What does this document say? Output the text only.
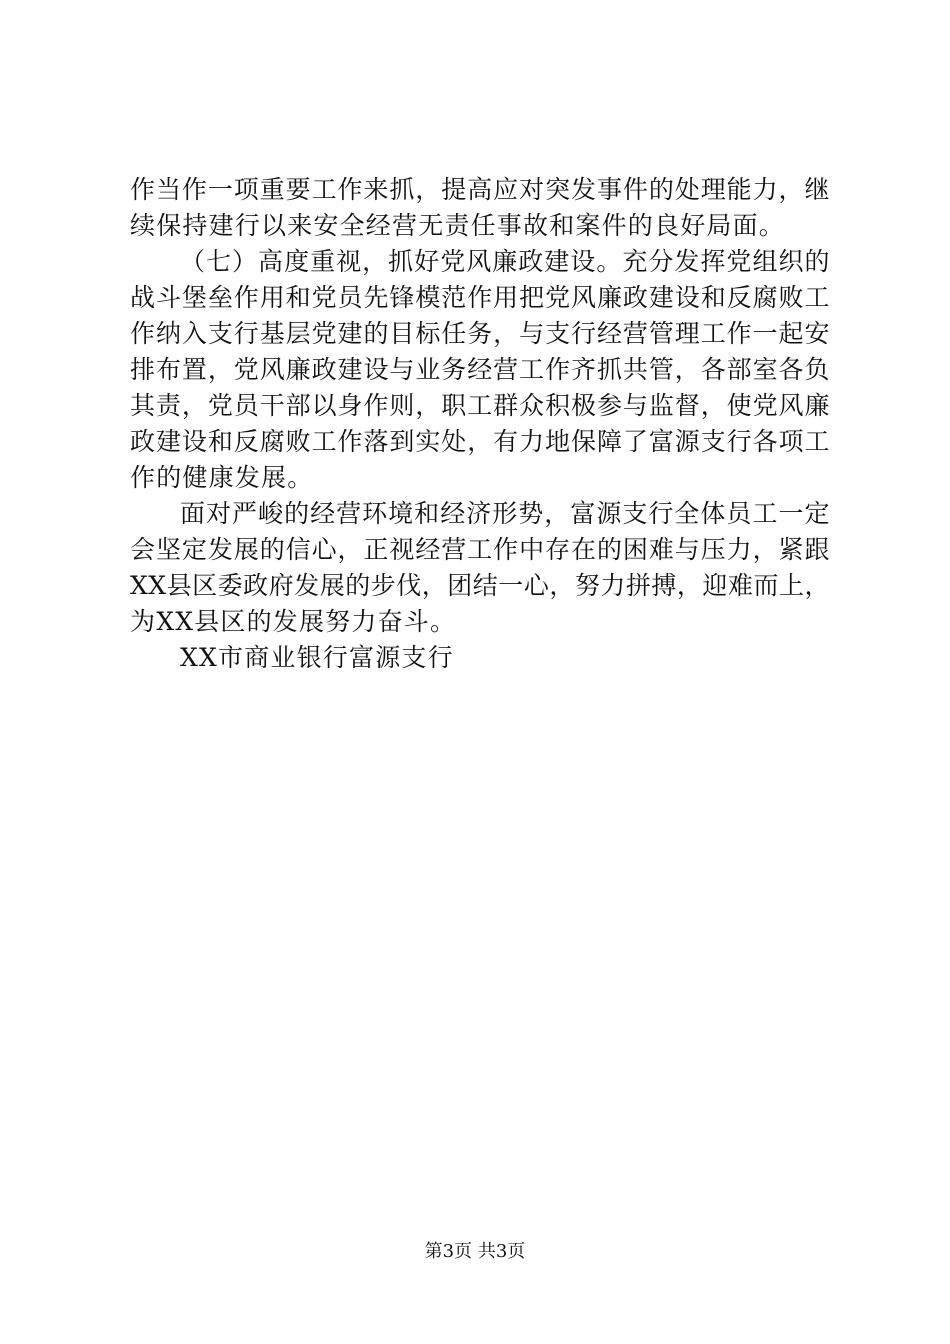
作当作一项重要工作来抓，提高应对突发事件的处理能力，继
续保持建行以来安全经营无责任事故和案件的良好局面。
（七）高度重视，抓好党风廉政建设。充分发挥党组织的
战斗堡垒作用和党员先锋模范作用把党风廉政建设和反腐败工
作纳入支行基层党建的目标任务，与支行经营管理工作一起安
排布置，党风廉政建设与业务经营工作齐抓共管，各部室各负
其责，党员干部以身作则，职工群众积极参与监督，使党风廉
政建设和反腐败工作落到实处，有力地保障了富源支行各项工
作的健康发展。
面对严峻的经营环境和经济形势，富源支行全体员工一定
会坚定发展的信心，正视经营工作中存在的困难与压力，紧跟
XX县区委政府发展的步伐，团结一心，努力拼搏，迎难而上，
为XX县区的发展努力奋斗。
XX市商业银行富源支行
第3页 共3页
